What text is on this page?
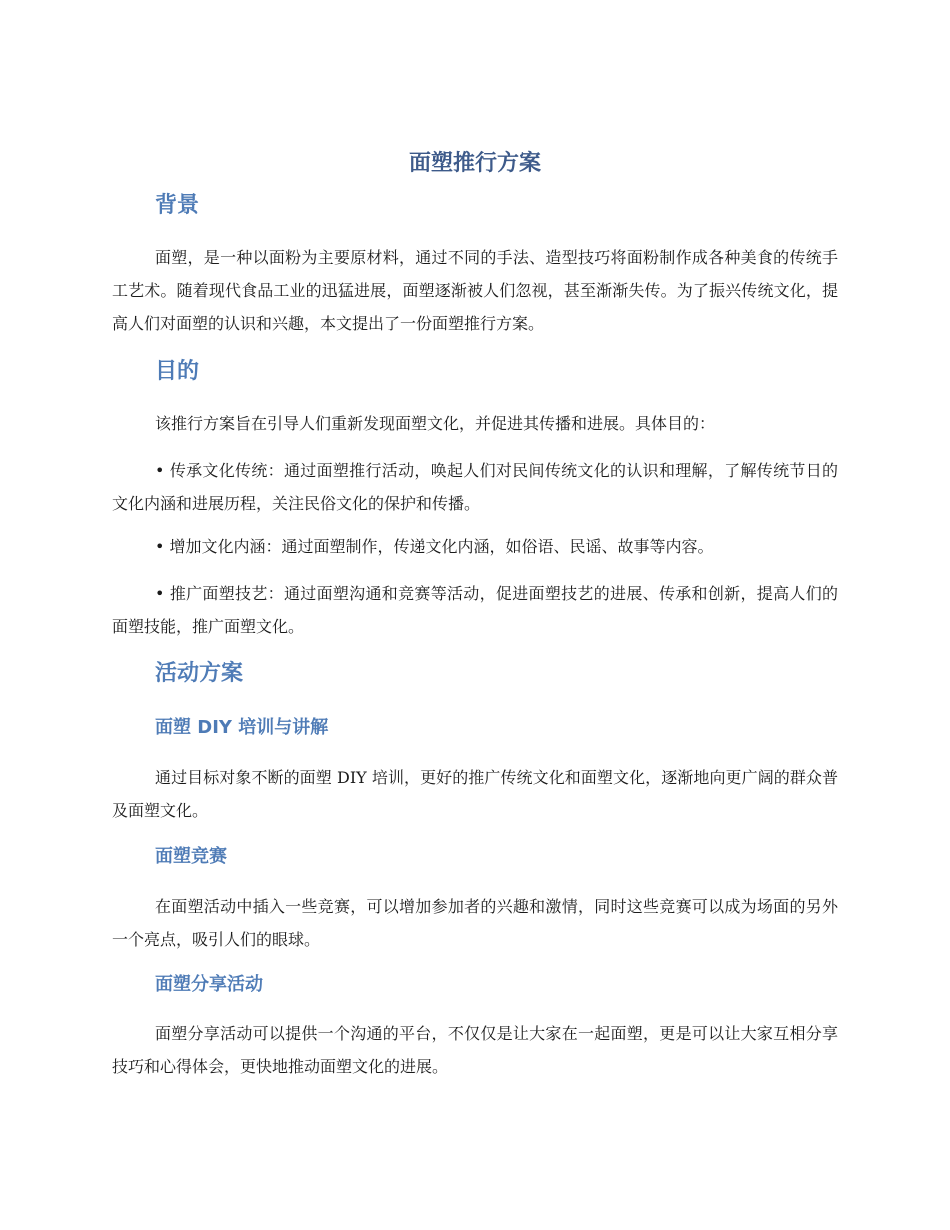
面塑推行方案
背景

面塑，是一种以面粉为主要原材料，通过不同的手法、造型技巧将面粉制作成各种美食的传统手工艺术。随着现代食品工业的迅猛进展，面塑逐渐被人们忽视，甚至渐渐失传。为了振兴传统文化，提高人们对面塑的认识和兴趣，本文提出了一份面塑推行方案。

目的

该推行方案旨在引导人们重新发现面塑文化，并促进其传播和进展。具体目的：

• 传承文化传统：通过面塑推行活动，唤起人们对民间传统文化的认识和理解，了解传统节日的文化内涵和进展历程，关注民俗文化的保护和传播。

• 增加文化内涵：通过面塑制作，传递文化内涵，如俗语、民谣、故事等内容。

• 推广面塑技艺：通过面塑沟通和竞赛等活动，促进面塑技艺的进展、传承和创新，提高人们的面塑技能，推广面塑文化。

活动方案
面塑 DIY 培训与讲解

通过目标对象不断的面塑 DIY 培训，更好的推广传统文化和面塑文化，逐渐地向更广阔的群众普及面塑文化。

面塑竞赛

在面塑活动中插入一些竞赛，可以增加参加者的兴趣和激情，同时这些竞赛可以成为场面的另外一个亮点，吸引人们的眼球。

面塑分享活动

面塑分享活动可以提供一个沟通的平台，不仅仅是让大家在一起面塑，更是可以让大家互相分享技巧和心得体会，更快地推动面塑文化的进展。
